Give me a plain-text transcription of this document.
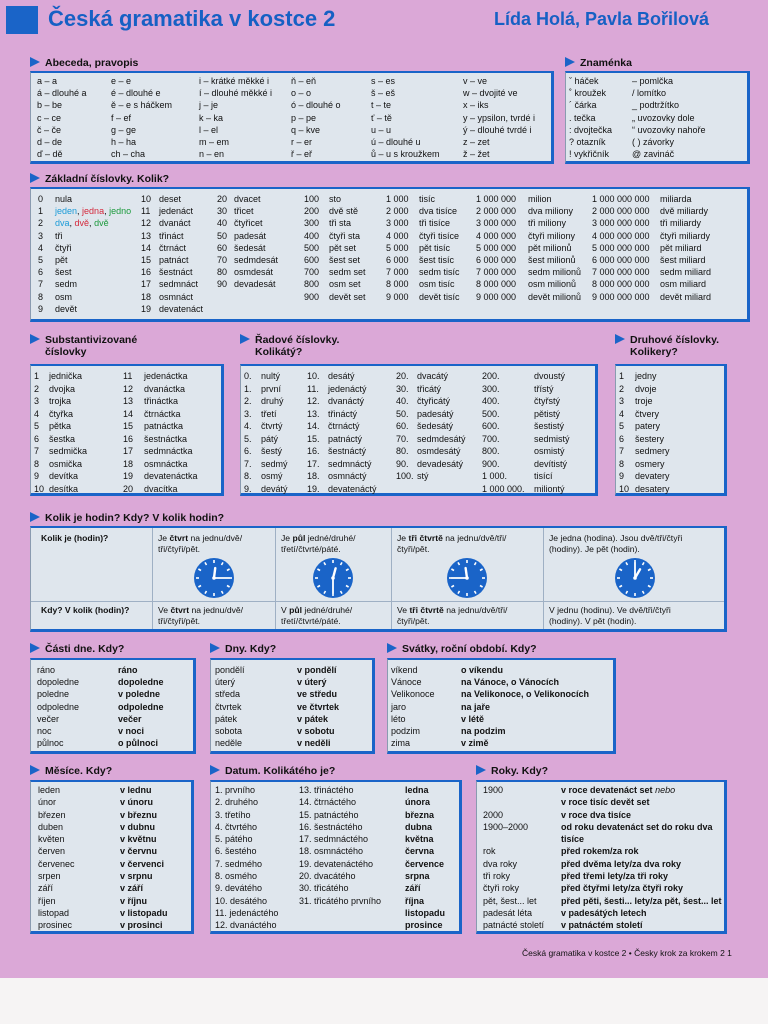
Česká gramatika v kostce 2	Lída Holá, Pavla Bořilová
Abeceda, pravopis
a – a
á – dlouhé a
b – be
c – ce
č – če
d – de
ď – dě
e – e
é – dlouhé e
ě – e s háčkem
f – ef
g – ge
h – ha
ch – cha
i – krátké měkké i
í – dlouhé měkké i
j – je
k – ka
l – el
m – em
n – en
ň – eň
o – o
ó – dlouhé o
p – pe
q – kve
r – er
ř – eř
s – es
š – eš
t – te
ť – tě
u – u
ú – dlouhé u
ů – u s kroužkem
v – ve
w – dvojité ve
x – iks
y – ypsilon, tvrdé i
ý – dlouhé tvrdé i
z – zet
ž – žet
Znaménka
ˇ háček
˚ kroužek
´ čárka
. tečka
: dvojtečka
? otazník
! vykřičník
– pomlčka
/ lomítko
_ podtržítko
„ uvozovky dole
“ uvozovky nahoře
( ) závorky
@ zavináč
Základní číslovky. Kolik?
0
1
2
3
4
5
6
7
8
9
nula
jeden, jedna, jedno
dva, dvě, dvě
tři
čtyři
pět
šest
sedm
osm
devět
10
11
12
13
14
15
16
17
18
19
deset
jedenáct
dvanáct
třináct
čtrnáct
patnáct
šestnáct
sedmnáct
osmnáct
devatenáct
20
30
40
50
60
70
80
90
dvacet
třicet
čtyřicet
padesát
šedesát
sedmdesát
osmdesát
devadesát
100
200
300
400
500
600
700
800
900
sto
dvě stě
tři sta
čtyři sta
pět set
šest set
sedm set
osm set
devět set
1 000
2 000
3 000
4 000
5 000
6 000
7 000
8 000
9 000
tisíc
dva tisíce
tři tisíce
čtyři tisíce
pět tisíc
šest tisíc
sedm tisíc
osm tisíc
devět tisíc
1 000 000
2 000 000
3 000 000
4 000 000
5 000 000
6 000 000
7 000 000
8 000 000
9 000 000
milion
dva miliony
tři miliony
čtyři miliony
pět milionů
šest milionů
sedm milionů
osm milionů
devět milionů
1 000 000 000
2 000 000 000
3 000 000 000
4 000 000 000
5 000 000 000
6 000 000 000
7 000 000 000
8 000 000 000
9 000 000 000
miliarda
dvě miliardy
tři miliardy
čtyři miliardy
pět miliard
šest miliard
sedm miliard
osm miliard
devět miliard
Substantivizované
číslovky
1
2
3
4
5
6
7
8
9
10
jednička
dvojka
trojka
čtyřka
pětka
šestka
sedmička
osmička
devítka
desítka
11
12
13
14
15
16
17
18
19
20
jedenáctka
dvanáctka
třináctka
čtrnáctka
patnáctka
šestnáctka
sedmnáctka
osmnáctka
devatenáctka
dvacítka
Řadové číslovky.
Kolikátý?
0.
1.
2.
3.
4.
5.
6.
7.
8.
9.
nultý
první
druhý
třetí
čtvrtý
pátý
šestý
sedmý
osmý
devátý
10.
11.
12.
13.
14.
15.
16.
17.
18.
19.
desátý
jedenáctý
dvanáctý
třináctý
čtrnáctý
patnáctý
šestnáctý
sedmnáctý
osmnáctý
devatenáctý
20.
30.
40.
50.
60.
70.
80.
90.
100.
dvacátý
třicátý
čtyřicátý
padesátý
šedesátý
sedmdesátý
osmdesátý
devadesátý
stý
200.
300.
400.
500.
600.
700.
800.
900.
1 000.
1 000 000.
dvoustý
třístý
čtyřstý
pětistý
šestistý
sedmistý
osmistý
devítistý
tisící
miliontý
Druhové číslovky.
Kolikery?
1
2
3
4
5
6
7
8
9
10
jedny
dvoje
troje
čtvery
patery
šestery
sedmery
osmery
devatery
desatery
Kolik je hodin? Kdy? V kolik hodin?
Kolik je (hodin)?
Kdy? V kolik (hodin)?
Je čtvrt na jednu/dvě/
tři/čtyři/pět.
Je půl jedné/druhé/
třetí/čtvrté/páté.
Je tři čtvrtě na jednu/dvě/tři/
čtyři/pět.
Je jedna (hodina). Jsou dvě/tři/čtyři
(hodiny). Je pět (hodin).
Ve čtvrt na jednu/dvě/
tři/čtyři/pět.
V půl jedné/druhé/
třetí/čtvrté/páté.
Ve tři čtvrtě na jednu/dvě/tři/
čtyři/pět.
V jednu (hodinu). Ve dvě/tři/čtyři
(hodiny). V pět (hodin).
Části dne. Kdy?
ráno
dopoledne
poledne
odpoledne
večer
noc
půlnoc
ráno
dopoledne
v poledne
odpoledne
večer
v noci
o půlnoci
Dny. Kdy?
pondělí
úterý
středa
čtvrtek
pátek
sobota
neděle
v pondělí
v úterý
ve středu
ve čtvrtek
v pátek
v sobotu
v neděli
Svátky, roční období. Kdy?
víkend
Vánoce
Velikonoce
jaro
léto
podzim
zima
o víkendu
na Vánoce, o Vánocích
na Velikonoce, o Velikonocích
na jaře
v létě
na podzim
v zimě
Měsíce. Kdy?
leden
únor
březen
duben
květen
červen
červenec
srpen
září
říjen
listopad
prosinec
v lednu
v únoru
v březnu
v dubnu
v květnu
v červnu
v červenci
v srpnu
v září
v říjnu
v listopadu
v prosinci
Datum. Kolikátého je?
1. prvního
2. druhého
3. třetího
4. čtvrtého
5. pátého
6. šestého
7. sedmého
8. osmého
9. devátého
10. desátého
11. jedenáctého
12. dvanáctého
13. třináctého
14. čtrnáctého
15. patnáctého
16. šestnáctého
17. sedmnáctého
18. osmnáctého
19. devatenáctého
20. dvacátého
30. třicátého
31. třicátého prvního
ledna
února
března
dubna
května
června
července
srpna
září
října
listopadu
prosince
Roky. Kdy?
1900
2000
1900–2000
rok
dva roky
tři roky
čtyři roky
pět, šest... let
padesát léta
patnácté století
v roce devatenáct set nebo
v roce tisíc devět set
v roce dva tisíce
od roku devatenáct set do roku dva
tisíce
před rokem/za rok
před dvěma lety/za dva roky
před třemi lety/za tři roky
před čtyřmi lety/za čtyři roky
před pěti, šesti... lety/za pět, šest... let
v padesátých letech
v patnáctém století
Česká gramatika v kostce 2 • Česky krok za krokem 2 1
